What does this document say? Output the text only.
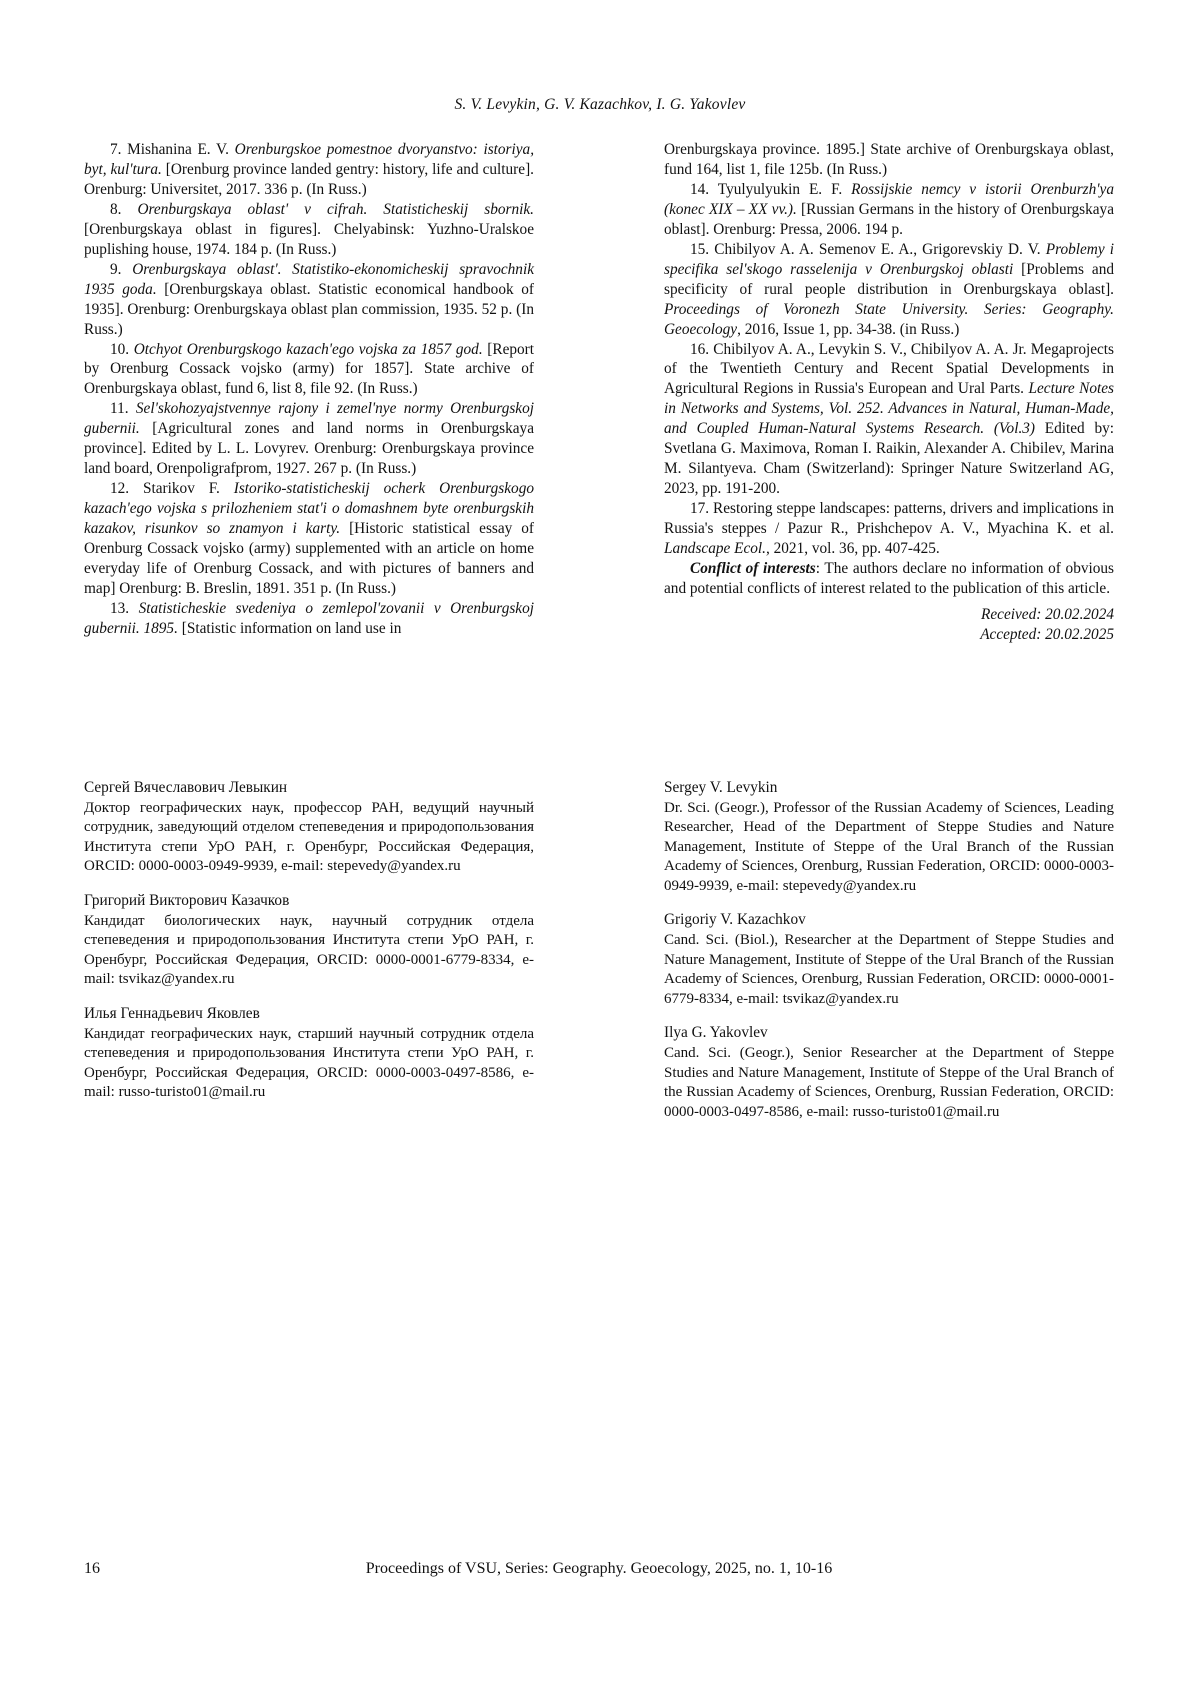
S. V. Levykin, G. V. Kazachkov, I. G. Yakovlev

7. Mishanina E. V. Orenburgskoe pomestnoe dvoryanstvo: istoriya, byt, kul'tura. [Orenburg province landed gentry: history, life and culture]. Orenburg: Universitet, 2017. 336 p. (In Russ.)

8. Orenburgskaya oblast' v cifrah. Statisticheskij sbornik. [Orenburgskaya oblast in figures]. Chelyabinsk: Yuzhno-Uralskoe puplishing house, 1974. 184 p. (In Russ.)

9. Orenburgskaya oblast'. Statistiko-ekonomicheskij spravochnik 1935 goda. [Orenburgskaya oblast. Statistic economical handbook of 1935]. Orenburg: Orenburgskaya oblast plan commission, 1935. 52 p. (In Russ.)

10. Otchyot Orenburgskogo kazach'ego vojska za 1857 god. [Report by Orenburg Cossack vojsko (army) for 1857]. State archive of Orenburgskaya oblast, fund 6, list 8, file 92. (In Russ.)

11. Sel'skohozyajstvennye rajony i zemel'nye normy Orenburgskoj gubernii. [Agricultural zones and land norms in Orenburgskaya province]. Edited by L. L. Lovyrev. Orenburg: Orenburgskaya province land board, Orenpoligrafprom, 1927. 267 p. (In Russ.)

12. Starikov F. Istoriko-statisticheskij ocherk Orenburgskogo kazach'ego vojska s prilozheniem stat'i o domashnem byte orenburgskih kazakov, risunkov so znamyon i karty. [Historic statistical essay of Orenburg Cossack vojsko (army) supplemented with an article on home everyday life of Orenburg Cossack, and with pictures of banners and map] Orenburg: B. Breslin, 1891. 351 p. (In Russ.)

13. Statisticheskie svedeniya o zemlepol'zovanii v Orenburgskoj gubernii. 1895. [Statistic information on land use in

Orenburgskaya province. 1895.] State archive of Orenburgskaya oblast, fund 164, list 1, file 125b. (In Russ.)

14. Tyulyulyukin E. F. Rossijskie nemcy v istorii Orenburzh'ya (konec XIX – XX vv.). [Russian Germans in the history of Orenburgskaya oblast]. Orenburg: Pressa, 2006. 194 p.

15. Chibilyov A. A. Semenov E. A., Grigorevskiy D. V. Problemy i specifika sel'skogo rasselenija v Orenburgskoj oblasti [Problems and specificity of rural people distribution in Orenburgskaya oblast]. Proceedings of Voronezh State University. Series: Geography. Geoecology, 2016, Issue 1, pp. 34-38. (in Russ.)

16. Chibilyov A. A., Levykin S. V., Chibilyov A. A. Jr. Megaprojects of the Twentieth Century and Recent Spatial Developments in Agricultural Regions in Russia's European and Ural Parts. Lecture Notes in Networks and Systems, Vol. 252. Advances in Natural, Human-Made, and Coupled Human-Natural Systems Research. (Vol.3) Edited by: Svetlana G. Maximova, Roman I. Raikin, Alexander A. Chibilev, Marina M. Silantyeva. Cham (Switzerland): Springer Nature Switzerland AG, 2023, pp. 191-200.

17. Restoring steppe landscapes: patterns, drivers and implications in Russia's steppes / Pazur R., Prishchepov A. V., Myachina K. et al. Landscape Ecol., 2021, vol. 36, pp. 407-425.

Conflict of interests: The authors declare no information of obvious and potential conflicts of interest related to the publication of this article.

Received: 20.02.2024
Accepted: 20.02.2025

Сергей Вячеславович Левыкин

Доктор географических наук, профессор РАН, ведущий научный сотрудник, заведующий отделом степеведения и природопользования Института степи УрО РАН, г. Оренбург, Российская Федерация, ORCID: 0000-0003-0949-9939, e-mail: stepevedy@yandex.ru

Григорий Викторович Казачков

Кандидат биологических наук, научный сотрудник отдела степеведения и природопользования Института степи УрО РАН, г. Оренбург, Российская Федерация, ORCID: 0000-0001-6779-8334, e-mail: tsvikaz@yandex.ru

Илья Геннадьевич Яковлев

Кандидат географических наук, старший научный сотрудник отдела степеведения и природопользования Института степи УрО РАН, г. Оренбург, Российская Федерация, ORCID: 0000-0003-0497-8586, e-mail: russo-turisto01@mail.ru

Sergey V. Levykin

Dr. Sci. (Geogr.), Professor of the Russian Academy of Sciences, Leading Researcher, Head of the Department of Steppe Studies and Nature Management, Institute of Steppe of the Ural Branch of the Russian Academy of Sciences, Orenburg, Russian Federation, ORCID: 0000-0003-0949-9939, e-mail: stepevedy@yandex.ru

Grigoriy V. Kazachkov

Cand. Sci. (Biol.), Researcher at the Department of Steppe Studies and Nature Management, Institute of Steppe of the Ural Branch of the Russian Academy of Sciences, Orenburg, Russian Federation, ORCID: 0000-0001-6779-8334, e-mail: tsvikaz@yandex.ru

Ilya G. Yakovlev

Cand. Sci. (Geogr.), Senior Researcher at the Department of Steppe Studies and Nature Management, Institute of Steppe of the Ural Branch of the Russian Academy of Sciences, Orenburg, Russian Federation, ORCID: 0000-0003-0497-8586, e-mail: russo-turisto01@mail.ru

16	Proceedings of VSU, Series: Geography. Geoecology, 2025, no. 1, 10-16
